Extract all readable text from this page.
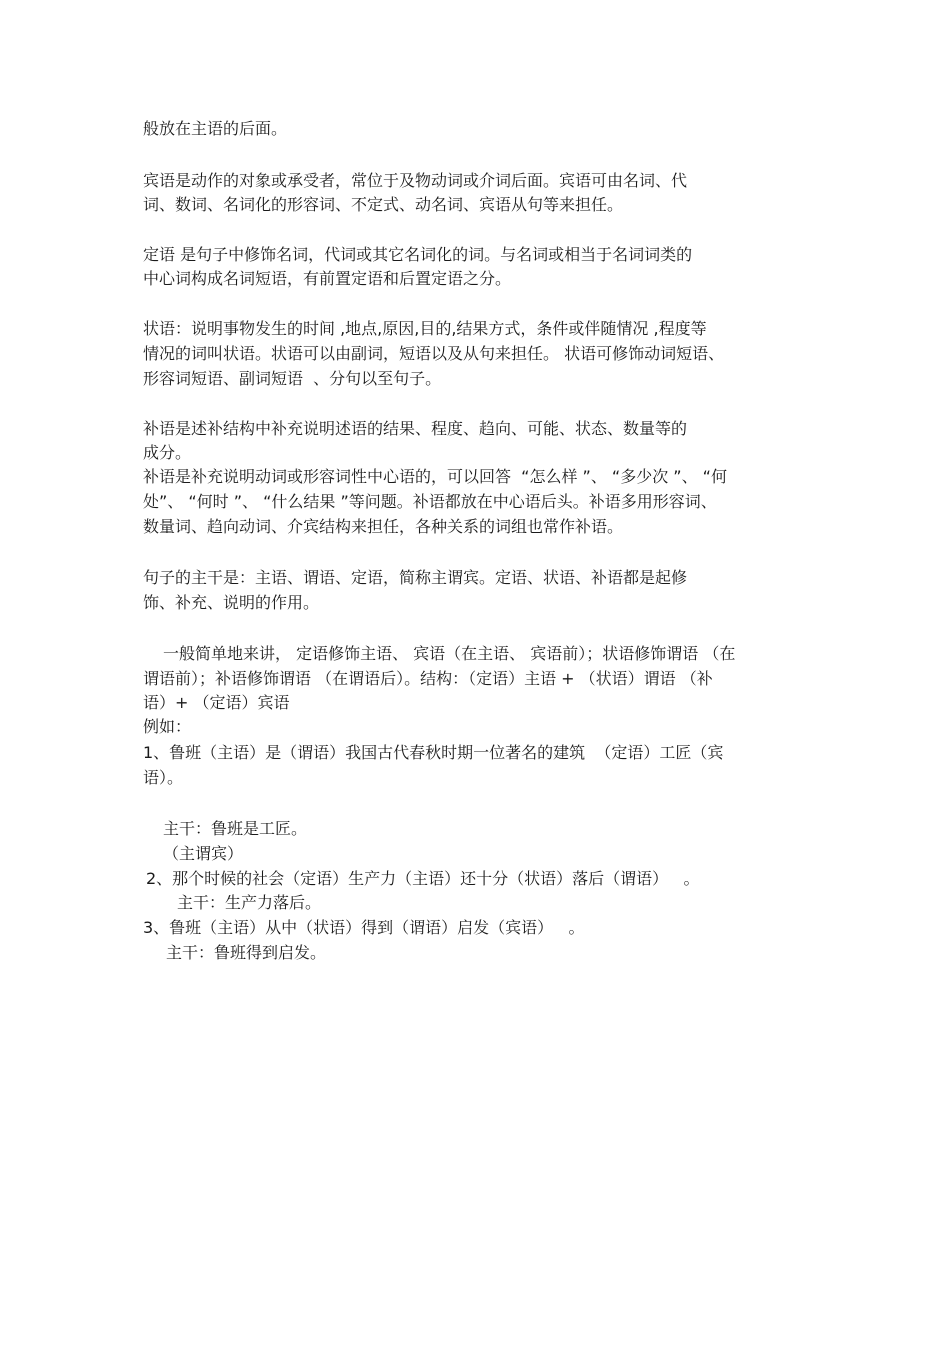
般放在主语的后面。
宾语是动作的对象或承受者，常位于及物动词或介词后面。宾语可由名词、代
词、数词、名词化的形容词、不定式、动名词、宾语从句等来担任。
定语 是句子中修饰名词，代词或其它名词化的词。与名词或相当于名词词类的
中心词构成名词短语，有前置定语和后置定语之分。
状语：说明事物发生的时间 ,地点,原因,目的,结果方式，条件或伴随情况 ,程度等
情况的词叫状语。状语可以由副词，短语以及从句来担任。 状语可修饰动词短语、
形容词短语、副词短语  、分句以至句子。
补语是述补结构中补充说明述语的结果、程度、趋向、可能、状态、数量等的
成分。
补语是补充说明动词或形容词性中心语的，可以回答  “怎么样 ”、 “多少次 ”、 “何
处”、 “何时 ”、 “什么结果 ”等问题。补语都放在中心语后头。补语多用形容词、
数量词、趋向动词、介宾结构来担任，各种关系的词组也常作补语。
句子的主干是：主语、谓语、定语，简称主谓宾。定语、状语、补语都是起修
饰、补充、说明的作用。
一般简单地来讲， 定语修饰主语、 宾语（在主语、 宾语前）；状语修饰谓语 （在
谓语前）；补语修饰谓语 （在谓语后）。结构：（定语）主语 + （状语）谓语 （补
语）+ （定语）宾语
例如：
1、鲁班（主语）是（谓语）我国古代春秋时期一位著名的建筑  （定语）工匠（宾
语）。
主干：鲁班是工匠。
（主谓宾）
2、那个时候的社会（定语）生产力（主语）还十分（状语）落后（谓语）   。
主干：生产力落后。
3、鲁班（主语）从中（状语）得到（谓语）启发（宾语）   。
主干：鲁班得到启发。
